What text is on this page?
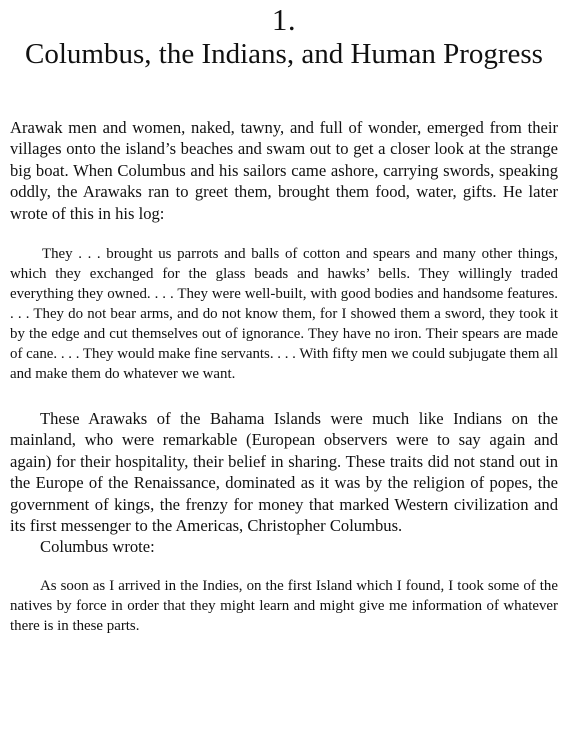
1.
Columbus, the Indians, and Human Progress

Arawak men and women, naked, tawny, and full of wonder, emerged from their villages onto the island’s beaches and swam out to get a closer look at the strange big boat. When Columbus and his sailors came ashore, carrying swords, speaking oddly, the Arawaks ran to greet them, brought them food, water, gifts. He later wrote of this in his log:

They . . . brought us parrots and balls of cotton and spears and many other things, which they exchanged for the glass beads and hawks’ bells. They willingly traded everything they owned. . . . They were well-built, with good bodies and handsome features. . . . They do not bear arms, and do not know them, for I showed them a sword, they took it by the edge and cut themselves out of ignorance. They have no iron. Their spears are made of cane. . . . They would make fine servants. . . . With fifty men we could subjugate them all and make them do whatever we want.

These Arawaks of the Bahama Islands were much like Indians on the mainland, who were remarkable (European observers were to say again and again) for their hospitality, their belief in sharing. These traits did not stand out in the Europe of the Renaissance, dominated as it was by the religion of popes, the government of kings, the frenzy for money that marked Western civilization and its first messenger to the Americas, Christopher Columbus.

Columbus wrote:

As soon as I arrived in the Indies, on the first Island which I found, I took some of the natives by force in order that they might learn and might give me information of whatever there is in these parts.
